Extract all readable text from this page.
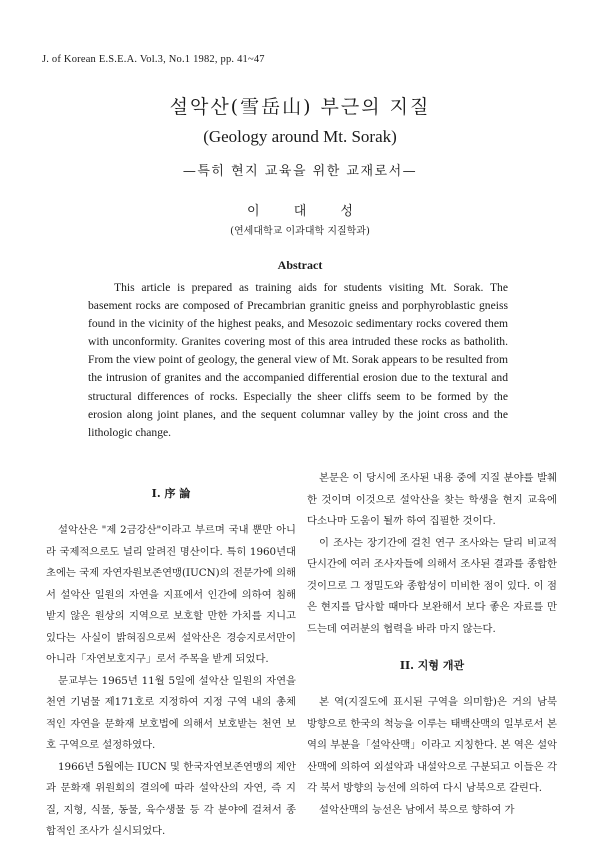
J. of Korean E.S.E.A. Vol.3, No.1 1982, pp. 41~47
설악산(雪岳山) 부근의 지질
(Geology around Mt. Sorak)
—특히 현지 교육을 위한 교재로서—
이 대 성
(연세대학교 이과대학 지질학과)
Abstract
This article is prepared as training aids for students visiting Mt. Sorak. The basement rocks are composed of Precambrian granitic gneiss and porphyroblastic gneiss found in the vicinity of the highest peaks, and Mesozoic sedimentary rocks covered them with unconformity. Granites covering most of this area intruded these rocks as batholith. From the view point of geology, the general view of Mt. Sorak appears to be resulted from the intrusion of granites and the accompanied differential erosion due to the textural and structural differences of rocks. Especially the sheer cliffs seem to be formed by the erosion along joint planes, and the sequent columnar valley by the joint cross and the lithologic change.
I. 序 論

설악산은 "제 2금강산"이라고 부르며 국내 뿐만 아니라 국제적으로도 널리 알려진 명산이다. 특히 1960년대 초에는 국제 자연자원보존연맹(IUCN)의 전문가에 의해서 설악산 일원의 자연을 지표에서 인간에 의하여 침해받지 않은 원상의 지역으로 보호할 만한 가치를 지니고 있다는 사실이 밝혀짐으로써 설악산은 경승지로서만이 아니라「자연보호지구」로서 주목을 받게 되었다.

문교부는 1965년 11월 5일에 설악산 일원의 자연을 천연 기념물 제171호로 지정하여 지정 구역 내의 총체적인 자연을 문화재 보호법에 의해서 보호받는 천연 보호 구역으로 설정하였다.

1966년 5월에는 IUCN 및 한국자연보존연맹의 제안과 문화재 위원회의 결의에 따라 설악산의 자연, 즉 지질, 지형, 식물, 동물, 육수생물 등 각 분야에 걸쳐서 종합적인 조사가 실시되었다.

본문은 이 당시에 조사된 내용 중에 지질 분야를 발췌한 것이며 이것으로 설악산을 찾는 학생을 현지 교육에 다소나마 도움이 될까 하여 집필한 것이다.

이 조사는 장기간에 걸친 연구 조사와는 달리 비교적 단시간에 여러 조사자들에 의해서 조사된 결과를 종합한 것이므로 그 정밀도와 종합성이 미비한 점이 있다. 이 점은 현지를 답사할 때마다 보완해서 보다 좋은 자료를 만드는데 여러분의 협력을 바라 마지 않는다.

II. 지형 개관

본 역(지질도에 표시된 구역을 의미함)은 거의 남북 방향으로 한국의 척능을 이루는 태백산맥의 일부로서 본 역의 부분을「설악산맥」이라고 지칭한다. 본 역은 설악산맥에 의하여 외설악과 내설악으로 구분되고 이들은 각각 북서 방향의 능선에 의하여 다시 남북으로 갈린다.

설악산맥의 능선은 남에서 북으로 향하여 가
